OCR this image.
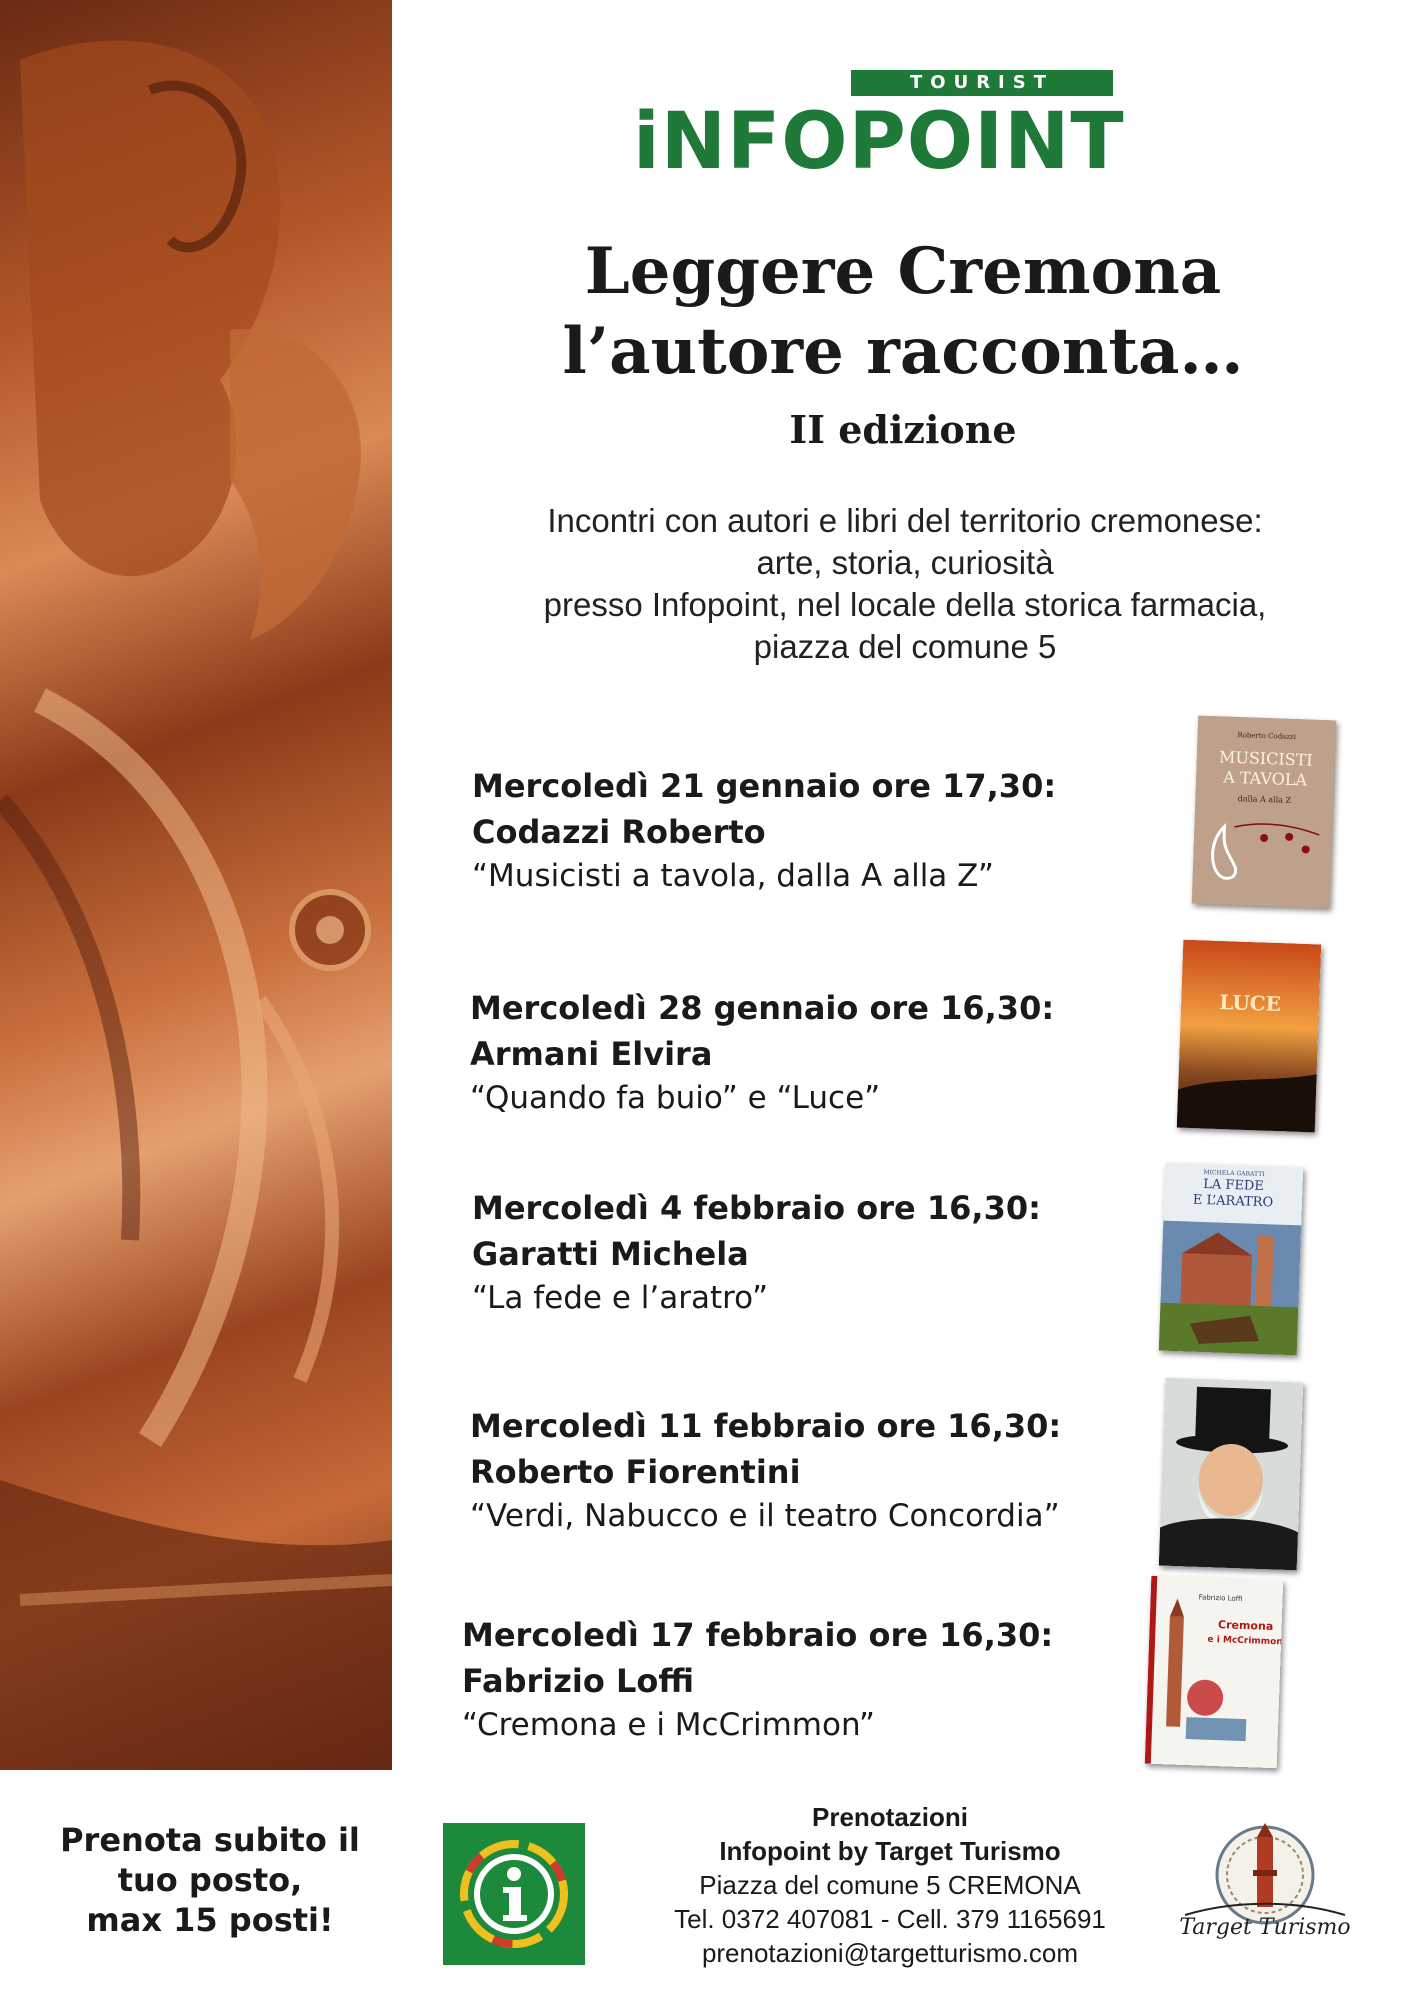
TOURIST
iNFOPOINT
Leggere Cremona
l’autore racconta…
II edizione
Incontri con autori e libri del territorio cremonese:
arte, storia, curiosità
presso Infopoint, nel locale della storica farmacia,
piazza del comune 5
Mercoledì 21 gennaio ore 17,30:
Codazzi Roberto
“Musicisti a tavola, dalla A alla Z”
Roberto Codazzi
MUSICISTI
A TAVOLA
dalla A alla Z
Mercoledì 28 gennaio ore 16,30:
Armani Elvira
“Quando fa buio” e “Luce”
LUCE
Mercoledì 4 febbraio ore 16,30:
Garatti Michela
“La fede e l’aratro”
MICHELA GARATTI
LA FEDE
E L’ARATRO
Mercoledì 11 febbraio ore 16,30:
Roberto Fiorentini
“Verdi, Nabucco e il teatro Concordia”
Mercoledì 17 febbraio ore 16,30:
Fabrizio Loffi
“Cremona e i McCrimmon”
Fabrizio Loffi
Cremona
e i McCrimmon
Prenota subito il
tuo posto,
max 15 posti!
Prenotazioni
Infopoint by Target Turismo
Piazza del comune 5 CREMONA
Tel. 0372 407081 - Cell. 379 1165691
prenotazioni@targetturismo.com
Target Turismo
